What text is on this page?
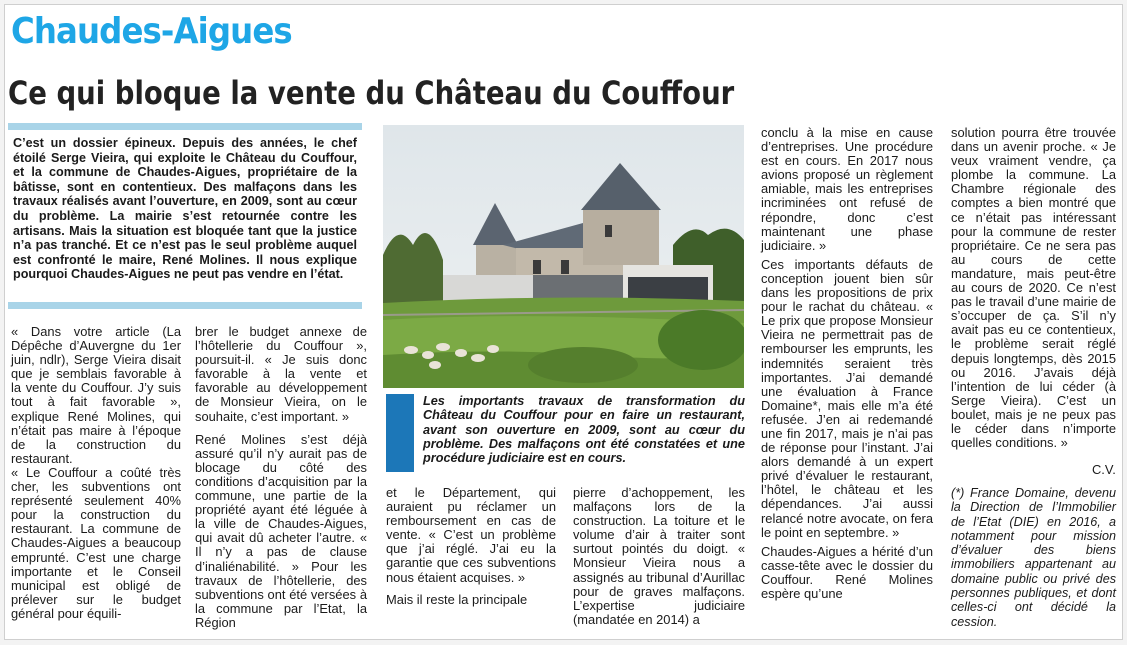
Chaudes-Aigues
Ce qui bloque la vente du Château du Couffour
C’est un dossier épineux. Depuis des années, le chef étoilé Serge Vieira, qui exploite le Château du Couffour, et la commune de Chaudes-Aigues, propriétaire de la bâtisse, sont en contentieux. Des malfaçons dans les travaux réalisés avant l’ouverture, en 2009, sont au cœur du problème. La mairie s’est retournée contre les artisans. Mais la situation est bloquée tant que la justice n’a pas tranché. Et ce n’est pas le seul problème auquel est confronté le maire, René Molines. Il nous explique pourquoi Chaudes-Aigues ne peut pas vendre en l’état.

« Dans votre article (La Dépêche d’Auvergne du 1er juin, ndlr), Serge Vieira disait que je semblais favorable à la vente du Couffour. J’y suis tout à fait favorable », explique René Molines, qui n’était pas maire à l’époque de la construction du restaurant.

« Le Couffour a coûté très cher, les subventions ont représenté seulement 40% pour la construction du restaurant. La commune de Chaudes-Aigues a beaucoup emprunté. C’est une charge importante et le Conseil municipal est obligé de prélever sur le budget général pour équili-

brer le budget annexe de l’hôtellerie du Couffour », poursuit-il. « Je suis donc favorable à la vente et favorable au développement de Monsieur Vieira, on le souhaite, c’est important. »

René Molines s’est déjà assuré qu’il n’y aurait pas de blocage du côté des conditions d’acquisition par la commune, une partie de la propriété ayant été léguée à la ville de Chaudes-Aigues, qui avait dû acheter l’autre. « Il n’y a pas de clause d’inaliénabilité. » Pour les travaux de l’hôtellerie, des subventions ont été versées à la commune par l’Etat, la Région

Les importants travaux de transformation du Château du Couffour pour en faire un restaurant, avant son ouverture en 2009, sont au cœur du problème. Des malfaçons ont été constatées et une procédure judiciaire est en cours.

et le Département, qui auraient pu réclamer un remboursement en cas de vente. « C’est un problème que j’ai réglé. J’ai eu la garantie que ces subventions nous étaient acquises. »

Mais il reste la principale

pierre d’achoppement, les malfaçons lors de la construction. La toiture et le volume d’air à traiter sont surtout pointés du doigt. « Monsieur Vieira nous a assignés au tribunal d’Aurillac pour de graves malfaçons. L’expertise judiciaire (mandatée en 2014) a

conclu à la mise en cause d’entreprises. Une procédure est en cours. En 2017 nous avions proposé un règlement amiable, mais les entreprises incriminées ont refusé de répondre, donc c’est maintenant une phase judiciaire. »

Ces importants défauts de conception jouent bien sûr dans les propositions de prix pour le rachat du château. « Le prix que propose Monsieur Vieira ne permettrait pas de rembourser les emprunts, les indemnités seraient très importantes. J’ai demandé une évaluation à France Domaine*, mais elle m’a été refusée. J’en ai redemandé une fin 2017, mais je n’ai pas de réponse pour l’instant. J’ai alors demandé à un expert privé d’évaluer le restaurant, l’hôtel, le château et les dépendances. J’ai aussi relancé notre avocate, on fera le point en septembre. »

Chaudes-Aigues a hérité d’un casse-tête avec le dossier du Couffour. René Molines espère qu’une

solution pourra être trouvée dans un avenir proche. « Je veux vraiment vendre, ça plombe la commune. La Chambre régionale des comptes a bien montré que ce n’était pas intéressant pour la commune de rester propriétaire. Ce ne sera pas au cours de cette mandature, mais peut-être au cours de 2020. Ce n’est pas le travail d’une mairie de s’occuper de ça. S’il n’y avait pas eu ce contentieux, le problème serait réglé depuis longtemps, dès 2015 ou 2016. J’avais déjà l’intention de lui céder (à Serge Vieira). C’est un boulet, mais je ne peux pas le céder dans n’importe quelles conditions. »

C.V.
(*) France Domaine, devenu la Direction de l’Immobilier de l’Etat (DIE) en 2016, a notamment pour mission d’évaluer des biens immobiliers appartenant au domaine public ou privé des personnes publiques, et dont celles-ci ont décidé la cession.
